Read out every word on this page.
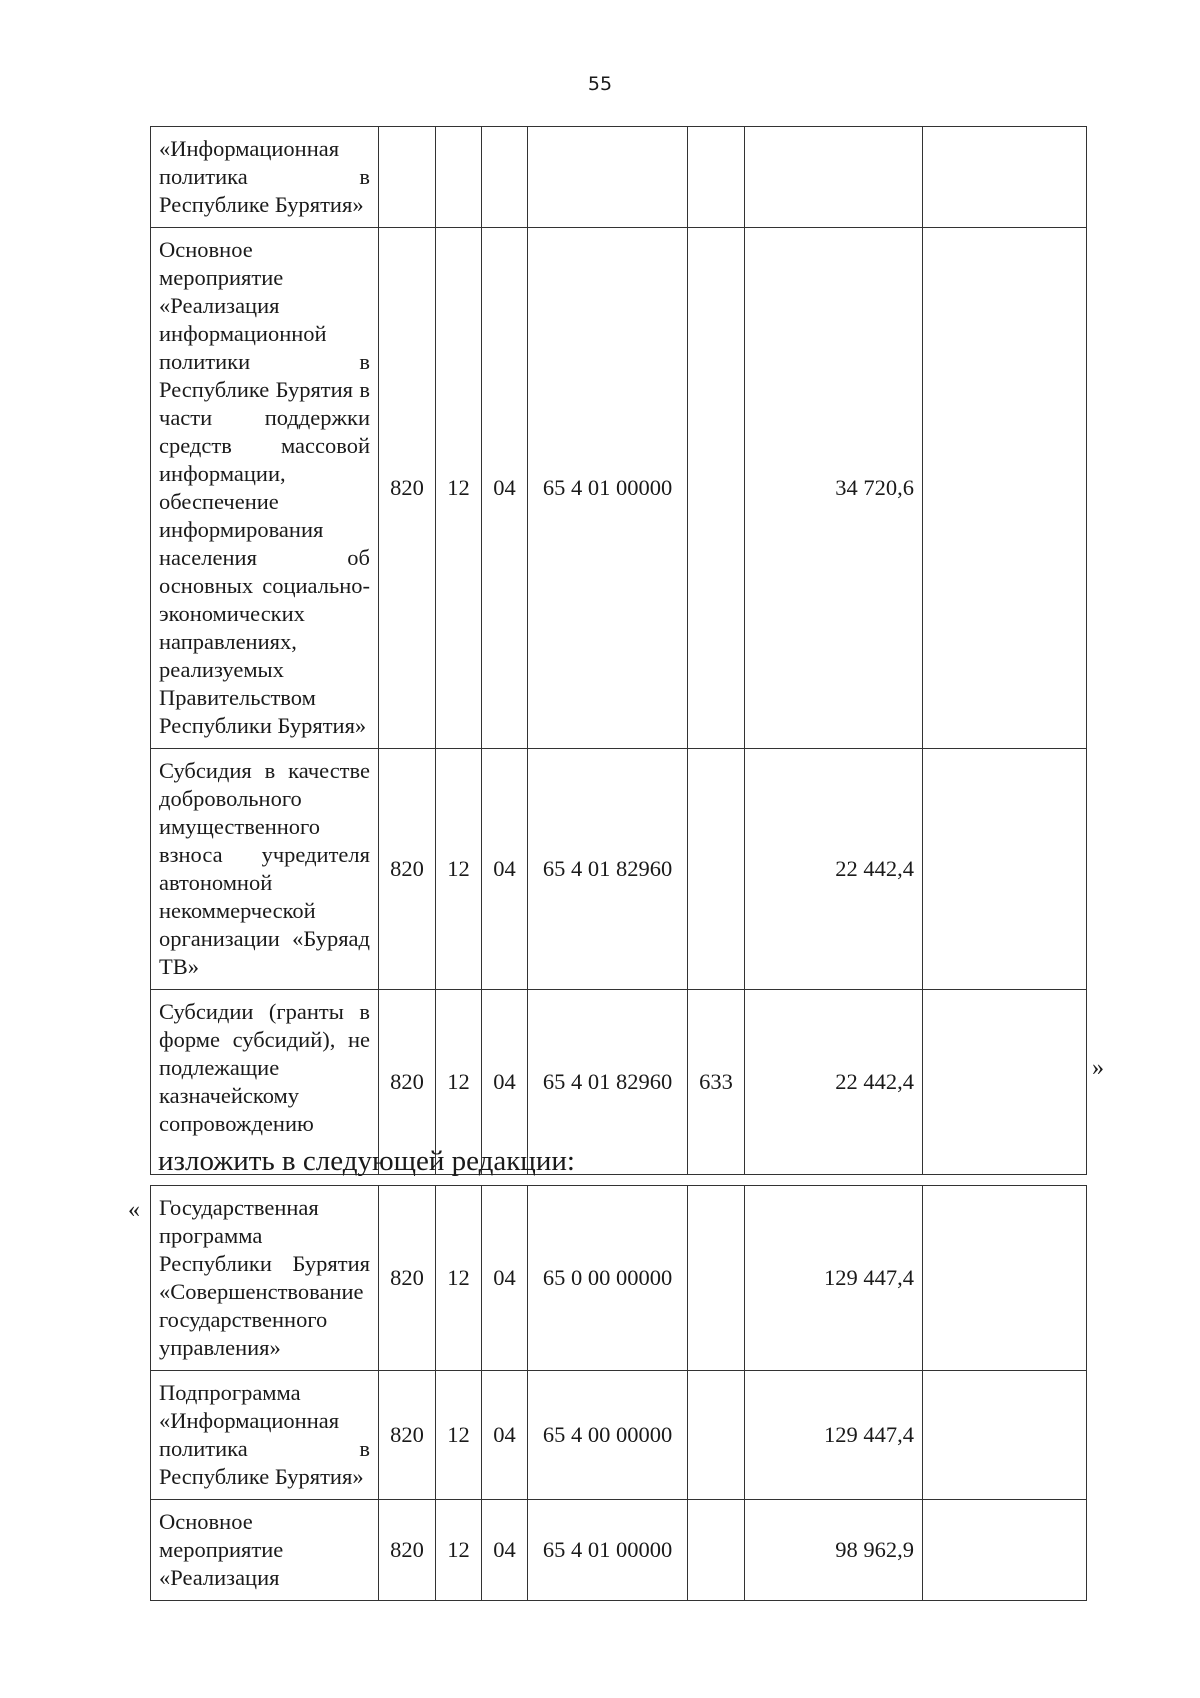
55
«Информационная политика в Республике Бурятия»							
Основное мероприятие «Реализация информационной политики в Республике Бурятия в части поддержки средств массовой информации, обеспечение информирования населения об основных социально-экономических направлениях, реализуемых Правительством Республики Бурятия»	820	12	04	65 4 01 00000		34 720,6	
Субсидия в качестве добровольного имущественного взноса учредителя автономной некоммерческой организации «Буряад ТВ»	820	12	04	65 4 01 82960		22 442,4	
Субсидии (гранты в форме субсидий), не подлежащие казначейскому сопровождению	820	12	04	65 4 01 82960	633	22 442,4	
»
изложить в следующей редакции:
« Государственная программа Республики Бурятия «Совершенствование государственного управления»	820	12	04	65 0 00 00000		129 447,4	
Подпрограмма «Информационная политика в Республике Бурятия»	820	12	04	65 4 00 00000		129 447,4	
Основное мероприятие «Реализация	820	12	04	65 4 01 00000		98 962,9	
